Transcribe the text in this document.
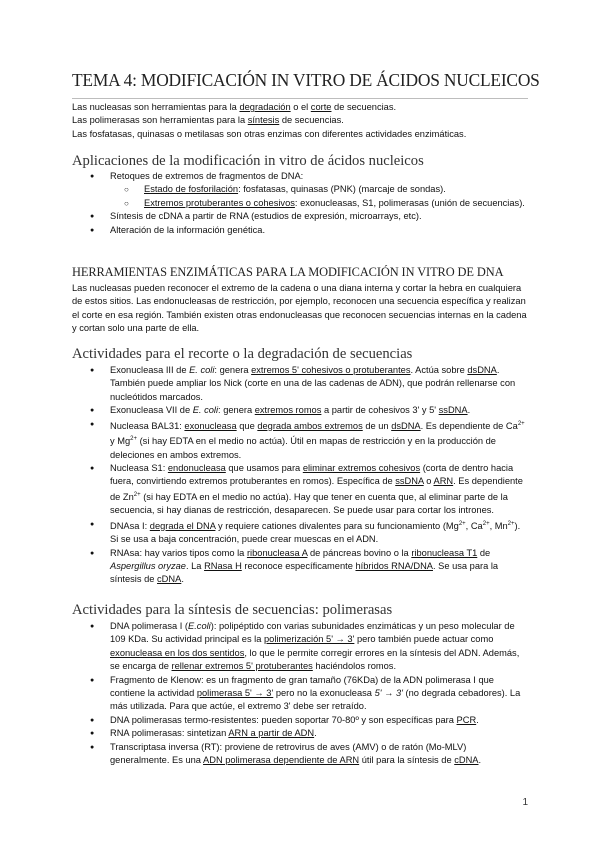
TEMA 4: MODIFICACIÓN IN VITRO DE ÁCIDOS NUCLEICOS
Las nucleasas son herramientas para la degradación o el corte de secuencias.
Las polimerasas son herramientas para la síntesis de secuencias.
Las fosfatasas, quinasas o metilasas son otras enzimas con diferentes actividades enzimáticas.
Aplicaciones de la modificación in vitro de ácidos nucleicos
● Retoques de extremos de fragmentos de DNA:
○ Estado de fosforilación: fosfatasas, quinasas (PNK) (marcaje de sondas).
○ Extremos protuberantes o cohesivos: exonucleasas, S1, polimerasas (unión de secuencias).
● Síntesis de cDNA a partir de RNA (estudios de expresión, microarrays, etc).
● Alteración de la información genética.
HERRAMIENTAS ENZIMÁTICAS PARA LA MODIFICACIÓN IN VITRO DE DNA
Las nucleasas pueden reconocer el extremo de la cadena o una diana interna y cortar la hebra en cualquiera de estos sitios. Las endonucleasas de restricción, por ejemplo, reconocen una secuencia específica y realizan el corte en esa región. También existen otras endonucleasas que reconocen secuencias internas en la cadena y cortan solo una parte de ella.
Actividades para el recorte o la degradación de secuencias
● Exonucleasa III de E. coli: genera extremos 5' cohesivos o protuberantes. Actúa sobre dsDNA. También puede ampliar los Nick (corte en una de las cadenas de ADN), que podrán rellenarse con nucleótidos marcados.
● Exonucleasa VII de E. coli: genera extremos romos a partir de cohesivos 3' y 5' ssDNA.
● Nucleasa BAL31: exonucleasa que degrada ambos extremos de un dsDNA. Es dependiente de $Ca^{2+}$ y $Mg^{2+}$ (si hay EDTA en el medio no actúa). Útil en mapas de restricción y en la producción de deleciones en ambos extremos.
● Nucleasa S1: endonucleasa que usamos para eliminar extremos cohesivos (corta de dentro hacia fuera, convirtiendo extremos protuberantes en romos). Específica de ssDNA o ARN. Es dependiente de $Zn^{2+}$ (si hay EDTA en el medio no actúa). Hay que tener en cuenta que, al eliminar parte de la secuencia, si hay dianas de restricción, desaparecen. Se puede usar para cortar los intrones.
● DNAsa I: degrada el DNA y requiere cationes divalentes para su funcionamiento ($Mg^{2+}$, $Ca^{2+}$, $Mn^{2+}$). Si se usa a baja concentración, puede crear muescas en el ADN.
● RNAsa: hay varios tipos como la ribonucleasa A de páncreas bovino o la ribonucleasa T1 de Aspergillus oryzae. La RNasa H reconoce específicamente híbridos RNA/DNA. Se usa para la síntesis de cDNA.
Actividades para la síntesis de secuencias: polimerasas
● DNA polimerasa I (E.coli): polipéptido con varias subunidades enzimáticas y un peso molecular de 109 KDa. Su actividad principal es la polimerización 5' → 3' pero también puede actuar como exonucleasa en los dos sentidos, lo que le permite corregir errores en la síntesis del ADN. Además, se encarga de rellenar extremos 5' protuberantes haciéndolos romos.
● Fragmento de Klenow: es un fragmento de gran tamaño (76KDa) de la ADN polimerasa I que contiene la actividad polimerasa 5' → 3' pero no la exonucleasa 5' → 3' (no degrada cebadores). La más utilizada. Para que actúe, el extremo 3' debe ser retraído.
● DNA polimerasas termo-resistentes: pueden soportar 70-80º y son específicas para PCR.
● RNA polimerasas: sintetizan ARN a partir de ADN.
● Transcriptasa inversa (RT): proviene de retrovirus de aves (AMV) o de ratón (Mo-MLV) generalmente. Es una ADN polimerasa dependiente de ARN útil para la síntesis de cDNA.
1
